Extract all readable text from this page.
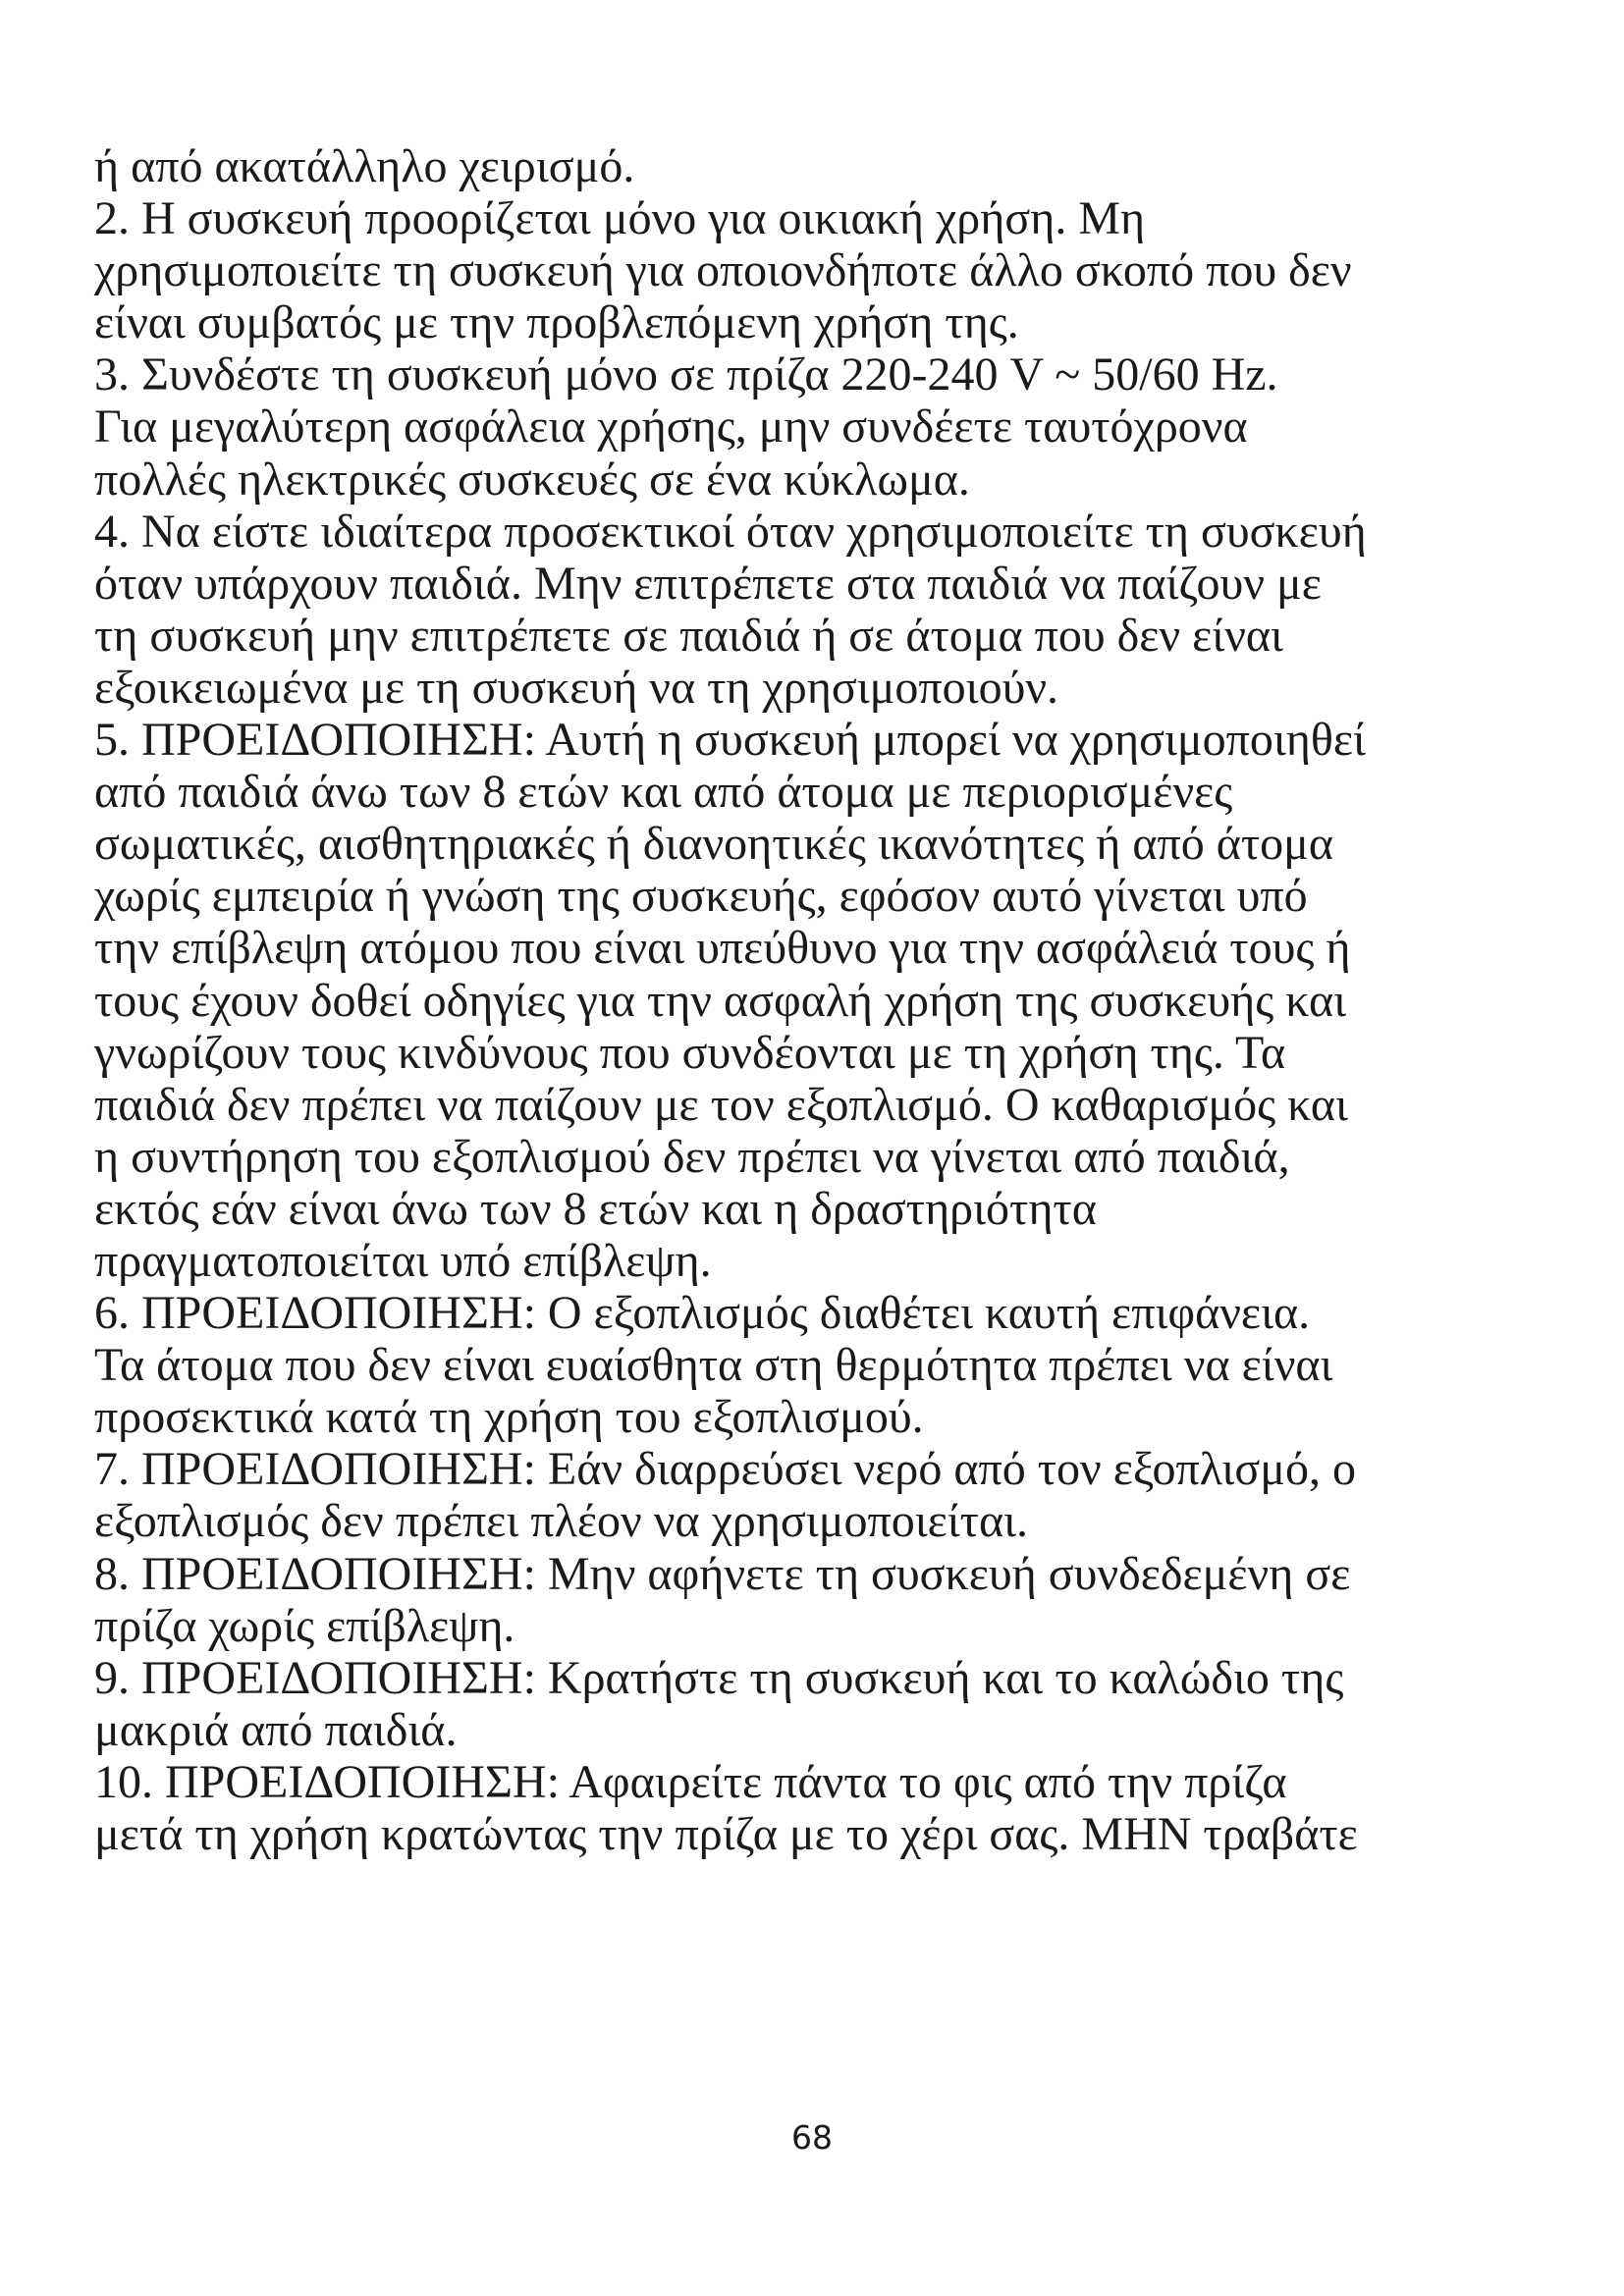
ή από ακατάλληλο χειρισμό.
2. Η συσκευή προορίζεται μόνο για οικιακή χρήση. Μη
χρησιμοποιείτε τη συσκευή για οποιονδήποτε άλλο σκοπό που δεν
είναι συμβατός με την προβλεπόμενη χρήση της.
3. Συνδέστε τη συσκευή μόνο σε πρίζα 220-240 V ~ 50/60 Hz.
Για μεγαλύτερη ασφάλεια χρήσης, μην συνδέετε ταυτόχρονα
πολλές ηλεκτρικές συσκευές σε ένα κύκλωμα.
4. Να είστε ιδιαίτερα προσεκτικοί όταν χρησιμοποιείτε τη συσκευή
όταν υπάρχουν παιδιά. Μην επιτρέπετε στα παιδιά να παίζουν με
τη συσκευή μην επιτρέπετε σε παιδιά ή σε άτομα που δεν είναι
εξοικειωμένα με τη συσκευή να τη χρησιμοποιούν.
5. ΠΡΟΕΙΔΟΠΟΙΗΣΗ: Αυτή η συσκευή μπορεί να χρησιμοποιηθεί
από παιδιά άνω των 8 ετών και από άτομα με περιορισμένες
σωματικές, αισθητηριακές ή διανοητικές ικανότητες ή από άτομα
χωρίς εμπειρία ή γνώση της συσκευής, εφόσον αυτό γίνεται υπό
την επίβλεψη ατόμου που είναι υπεύθυνο για την ασφάλειά τους ή
τους έχουν δοθεί οδηγίες για την ασφαλή χρήση της συσκευής και
γνωρίζουν τους κινδύνους που συνδέονται με τη χρήση της. Τα
παιδιά δεν πρέπει να παίζουν με τον εξοπλισμό. Ο καθαρισμός και
η συντήρηση του εξοπλισμού δεν πρέπει να γίνεται από παιδιά,
εκτός εάν είναι άνω των 8 ετών και η δραστηριότητα
πραγματοποιείται υπό επίβλεψη.
6. ΠΡΟΕΙΔΟΠΟΙΗΣΗ: Ο εξοπλισμός διαθέτει καυτή επιφάνεια.
Τα άτομα που δεν είναι ευαίσθητα στη θερμότητα πρέπει να είναι
προσεκτικά κατά τη χρήση του εξοπλισμού.
7. ΠΡΟΕΙΔΟΠΟΙΗΣΗ: Εάν διαρρεύσει νερό από τον εξοπλισμό, ο
εξοπλισμός δεν πρέπει πλέον να χρησιμοποιείται.
8. ΠΡΟΕΙΔΟΠΟΙΗΣΗ: Μην αφήνετε τη συσκευή συνδεδεμένη σε
πρίζα χωρίς επίβλεψη.
9. ΠΡΟΕΙΔΟΠΟΙΗΣΗ: Κρατήστε τη συσκευή και το καλώδιο της
μακριά από παιδιά.
10. ΠΡΟΕΙΔΟΠΟΙΗΣΗ: Αφαιρείτε πάντα το φις από την πρίζα
μετά τη χρήση κρατώντας την πρίζα με το χέρι σας. ΜΗΝ τραβάτε
68
